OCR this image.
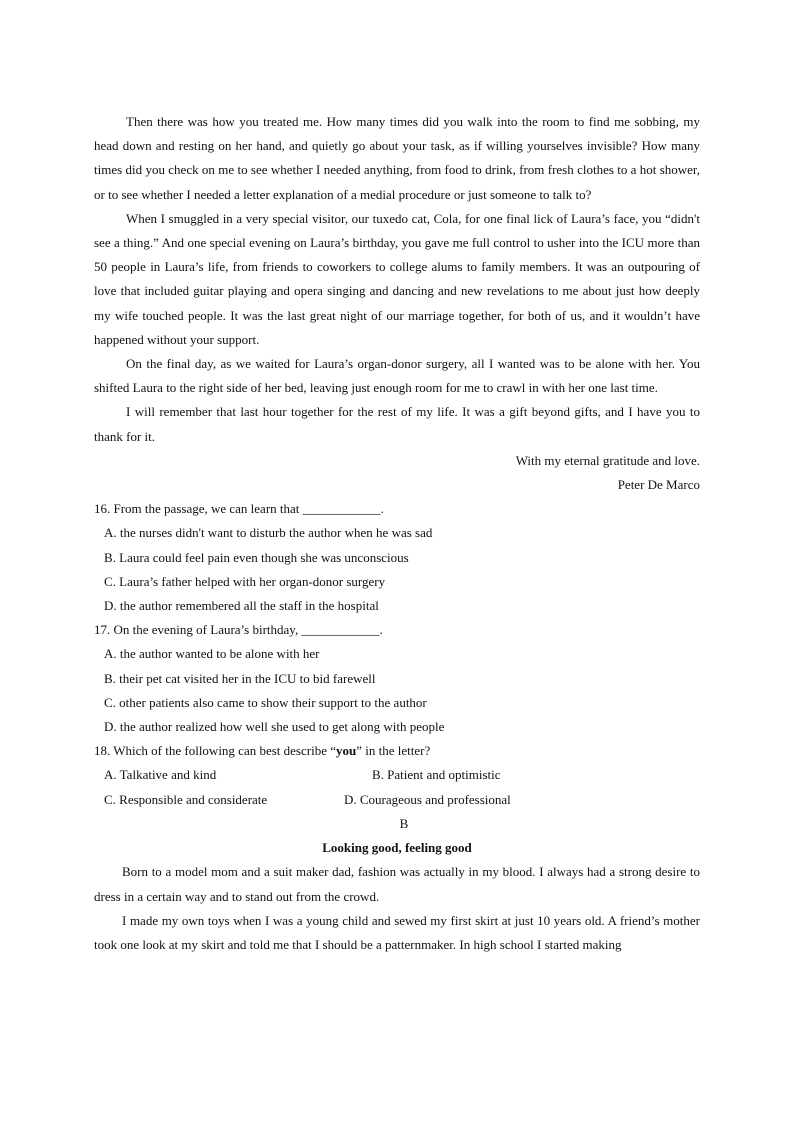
Then there was how you treated me. How many times did you walk into the room to find me sobbing, my head down and resting on her hand, and quietly go about your task, as if willing yourselves invisible? How many times did you check on me to see whether I needed anything, from food to drink, from fresh clothes to a hot shower, or to see whether I needed a letter explanation of a medial procedure or just someone to talk to?

When I smuggled in a very special visitor, our tuxedo cat, Cola, for one final lick of Laura’s face, you “didn't see a thing.” And one special evening on Laura’s birthday, you gave me full control to usher into the ICU more than 50 people in Laura’s life, from friends to coworkers to college alums to family members. It was an outpouring of love that included guitar playing and opera singing and dancing and new revelations to me about just how deeply my wife touched people. It was the last great night of our marriage together, for both of us, and it wouldn’t have happened without your support.

On the final day, as we waited for Laura’s organ-donor surgery, all I wanted was to be alone with her. You shifted Laura to the right side of her bed, leaving just enough room for me to crawl in with her one last time.

I will remember that last hour together for the rest of my life. It was a gift beyond gifts, and I have you to thank for it.

With my eternal gratitude and love.

Peter De Marco

16. From the passage, we can learn that ____________.

A. the nurses didn't want to disturb the author when he was sad

B. Laura could feel pain even though she was unconscious

C. Laura’s father helped with her organ-donor surgery

D. the author remembered all the staff in the hospital

17. On the evening of Laura’s birthday, ____________.

A. the author wanted to be alone with her

B. their pet cat visited her in the ICU to bid farewell

C. other patients also came to show their support to the author

D. the author realized how well she used to get along with people

18. Which of the following can best describe “you” in the letter?

A. Talkative and kind	B. Patient and optimistic
C. Responsible and considerate	D. Courageous and professional

B

Looking good, feeling good

Born to a model mom and a suit maker dad, fashion was actually in my blood. I always had a strong desire to dress in a certain way and to stand out from the crowd.

I made my own toys when I was a young child and sewed my first skirt at just 10 years old. A friend’s mother took one look at my skirt and told me that I should be a patternmaker. In high school I started making
